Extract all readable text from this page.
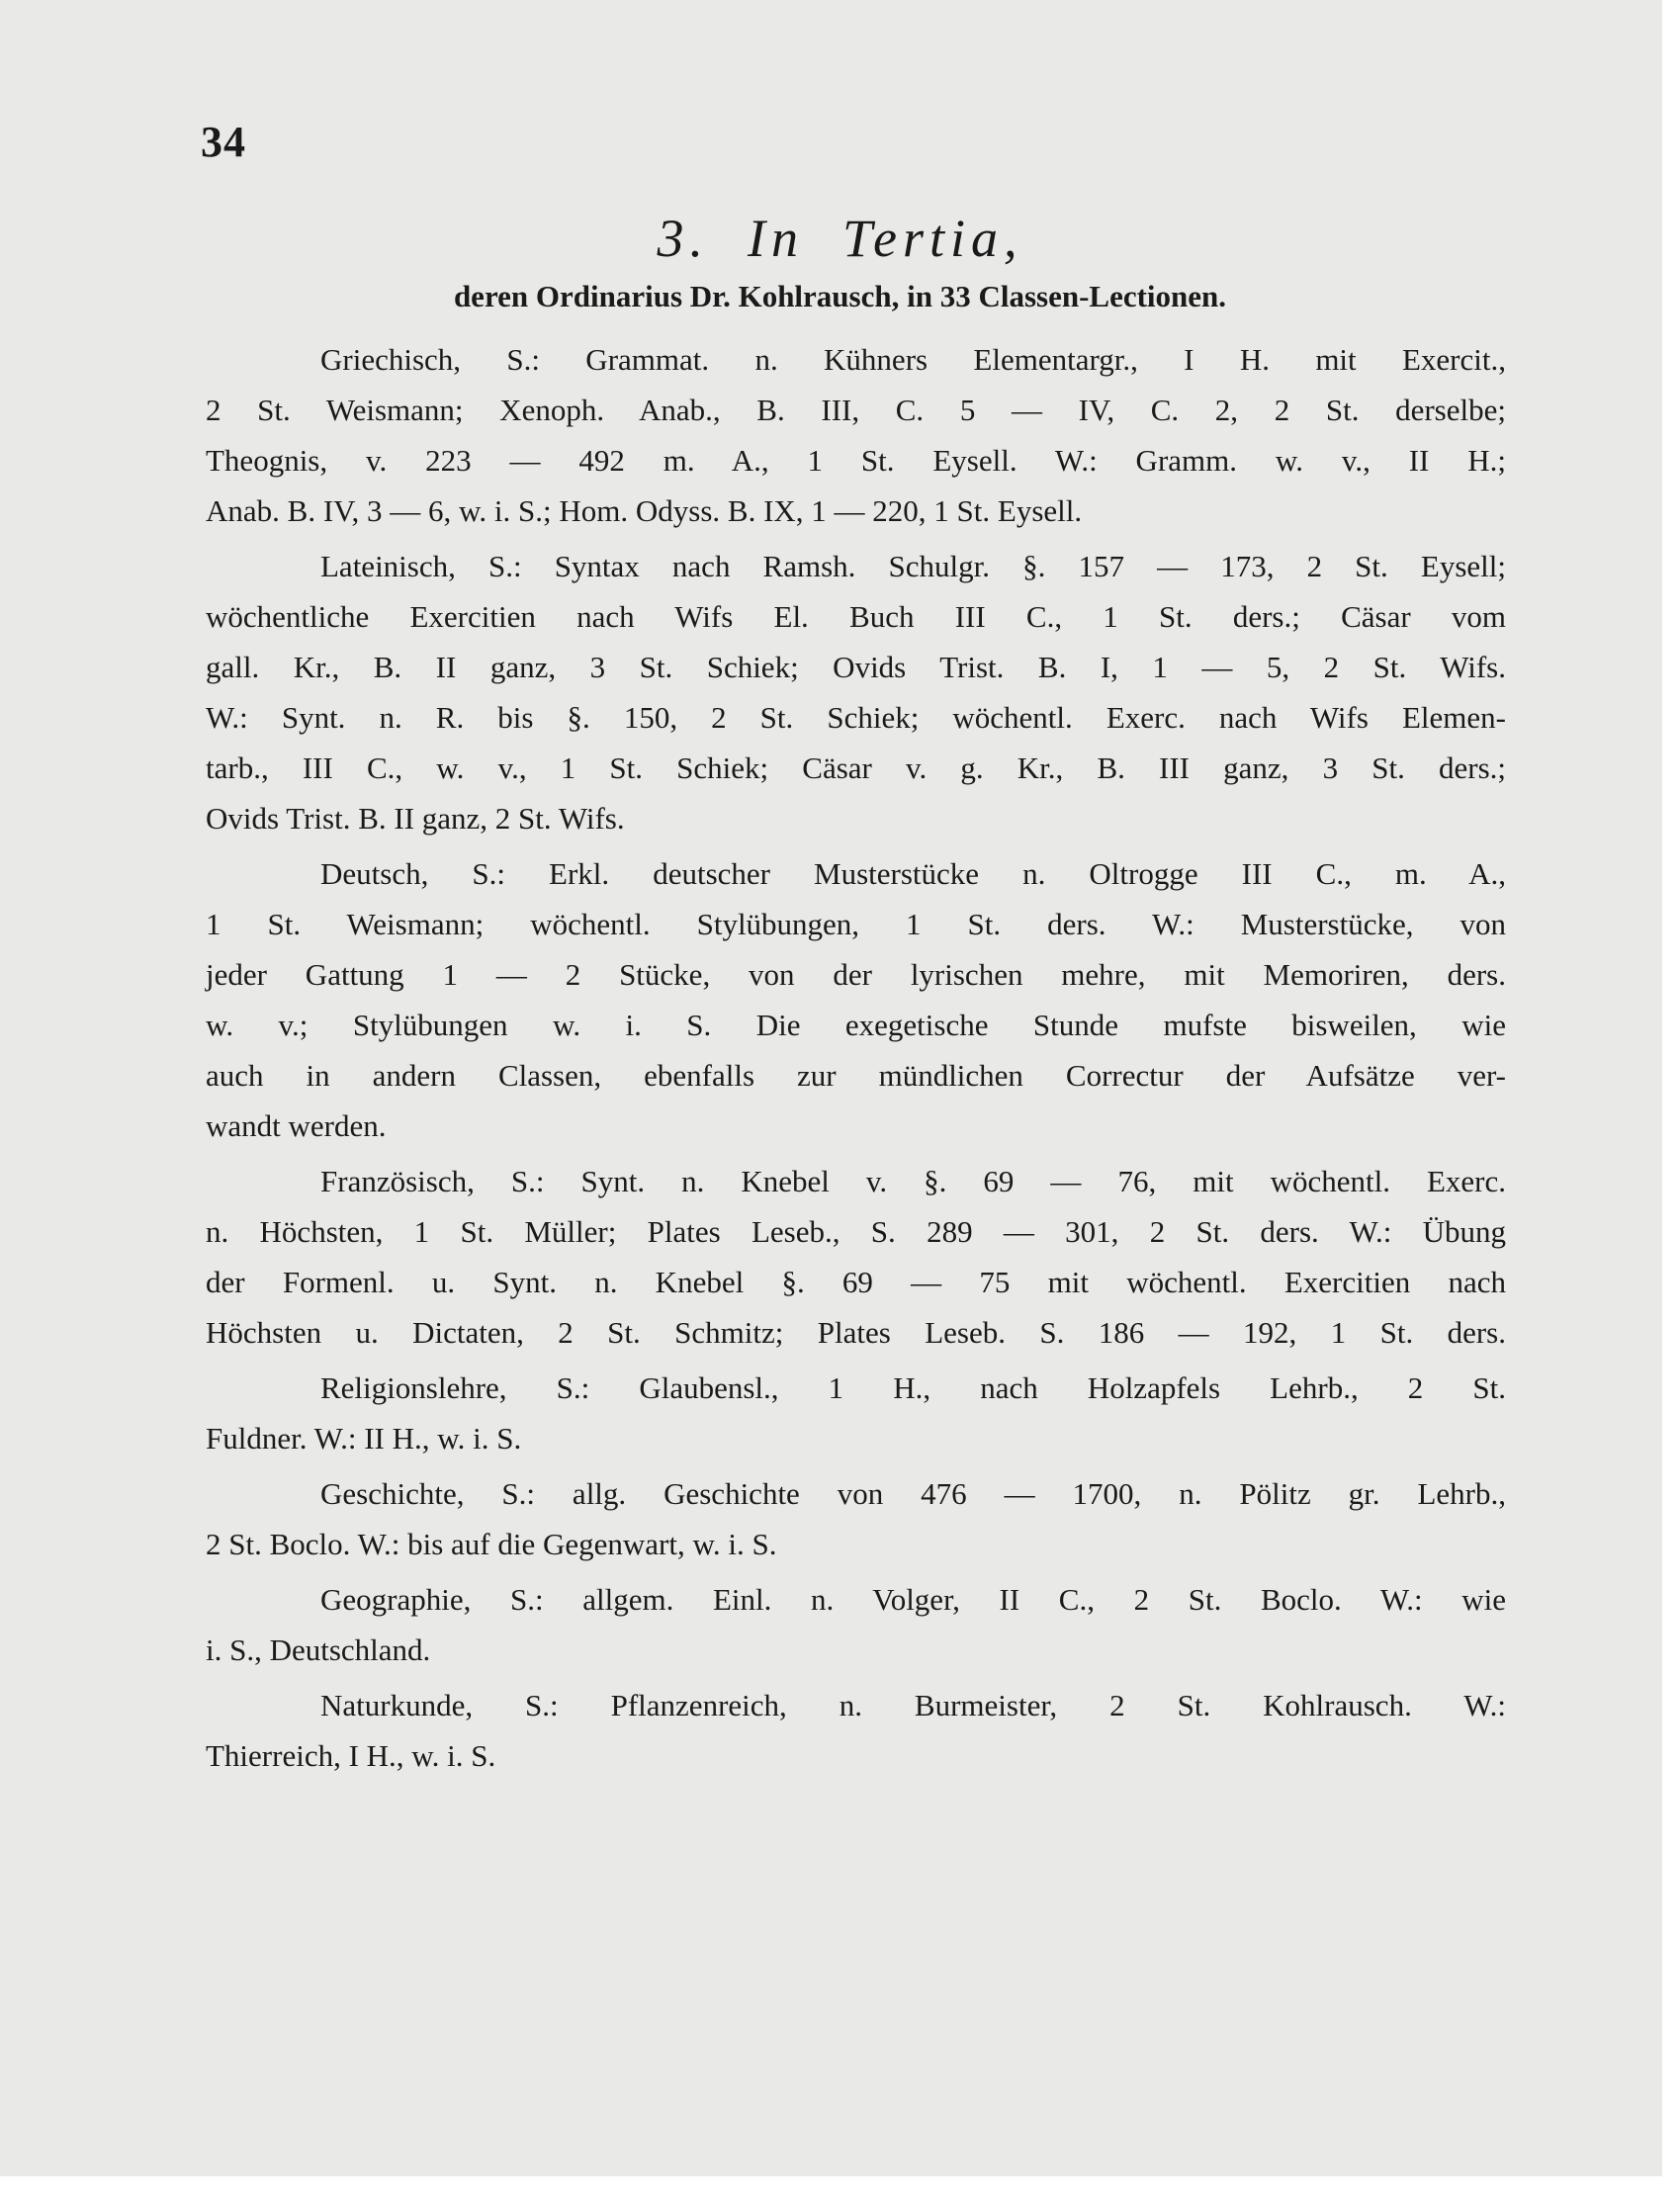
34
3.  In  Tertia,
deren Ordinarius Dr. Kohlrausch, in 33 Classen-Lectionen.
Griechisch, S.: Grammat. n. Kühners Elementargr., I H. mit Exercit.,
2 St. Weismann; Xenoph. Anab., B. III, C. 5 — IV, C. 2, 2 St. derselbe;
Theognis, v. 223 — 492 m. A., 1 St. Eysell. W.: Gramm. w. v., II H.;
Anab. B. IV, 3 — 6, w. i. S.; Hom. Odyss. B. IX, 1 — 220, 1 St. Eysell.
Lateinisch, S.: Syntax nach Ramsh. Schulgr. §. 157 — 173, 2 St. Eysell;
wöchentliche Exercitien nach Wifs El. Buch III C., 1 St. ders.; Cäsar vom
gall. Kr., B. II ganz, 3 St. Schiek; Ovids Trist. B. I, 1 — 5, 2 St. Wifs.
W.: Synt. n. R. bis §. 150, 2 St. Schiek; wöchentl. Exerc. nach Wifs Elemen-
tarb., III C., w. v., 1 St. Schiek; Cäsar v. g. Kr., B. III ganz, 3 St. ders.;
Ovids Trist. B. II ganz, 2 St. Wifs.
Deutsch, S.: Erkl. deutscher Musterstücke n. Oltrogge III C., m. A.,
1 St. Weismann; wöchentl. Stylübungen, 1 St. ders. W.: Musterstücke, von
jeder Gattung 1 — 2 Stücke, von der lyrischen mehre, mit Memoriren, ders.
w. v.; Stylübungen w. i. S. Die exegetische Stunde mufste bisweilen, wie
auch in andern Classen, ebenfalls zur mündlichen Correctur der Aufsätze ver-
wandt werden.
Französisch, S.: Synt. n. Knebel v. §. 69 — 76, mit wöchentl. Exerc.
n. Höchsten, 1 St. Müller; Plates Leseb., S. 289 — 301, 2 St. ders. W.: Übung
der Formenl. u. Synt. n. Knebel §. 69 — 75 mit wöchentl. Exercitien nach
Höchsten u. Dictaten, 2 St. Schmitz; Plates Leseb. S. 186 — 192, 1 St. ders.
Religionslehre, S.: Glaubensl., 1 H., nach Holzapfels Lehrb., 2 St.
Fuldner. W.: II H., w. i. S.
Geschichte, S.: allg. Geschichte von 476 — 1700, n. Pölitz gr. Lehrb.,
2 St. Boclo. W.: bis auf die Gegenwart, w. i. S.
Geographie, S.: allgem. Einl. n. Volger, II C., 2 St. Boclo. W.: wie
i. S., Deutschland.
Naturkunde, S.: Pflanzenreich, n. Burmeister, 2 St. Kohlrausch. W.:
Thierreich, I H., w. i. S.
